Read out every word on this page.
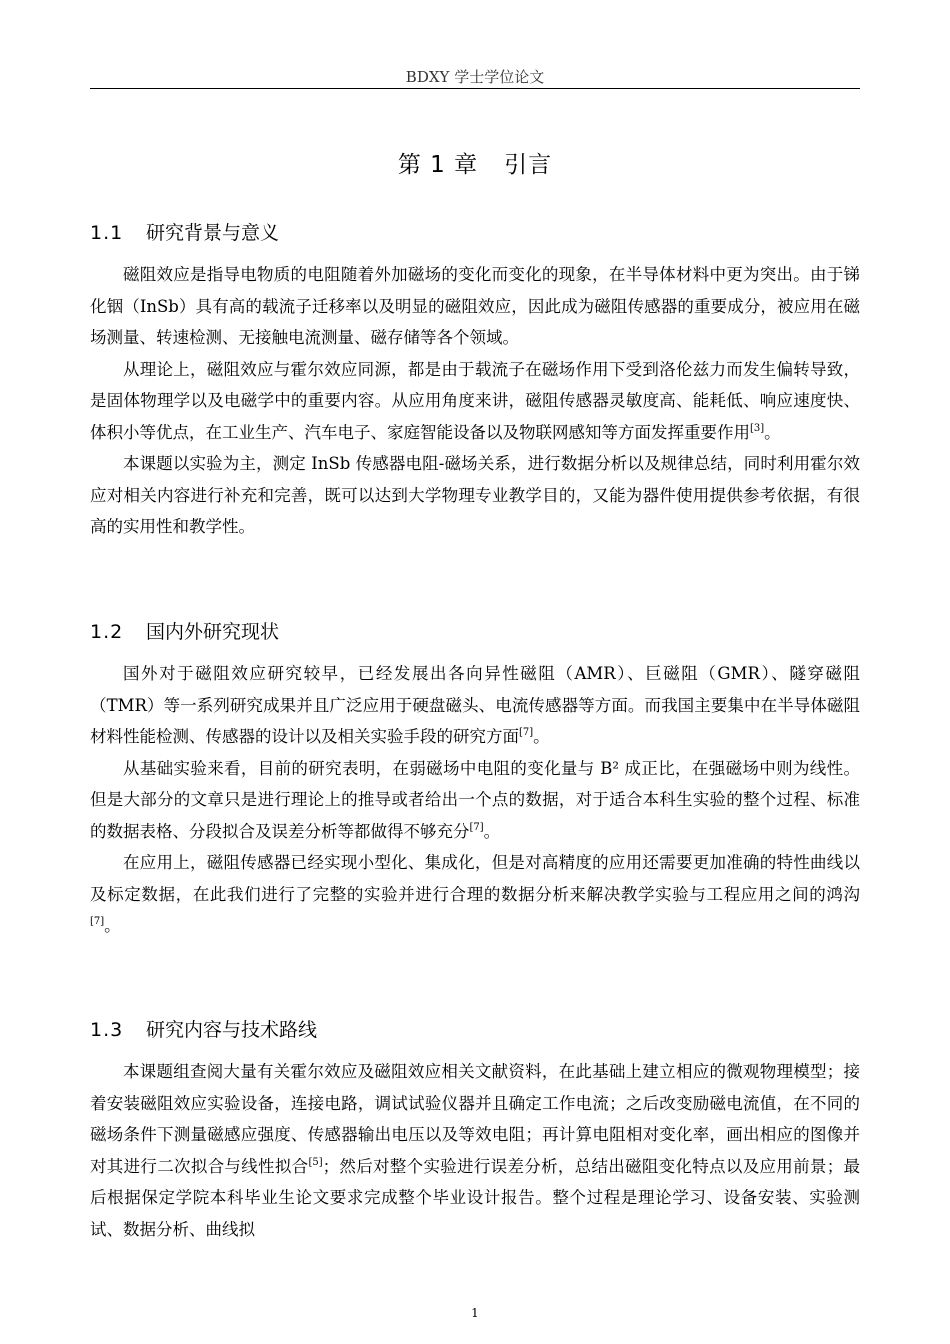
BDXY 学士学位论文
第 1 章 引言
1.1 研究背景与意义

磁阻效应是指导电物质的电阻随着外加磁场的变化而变化的现象，在半导体材料中更为突出。由于锑化铟（InSb）具有高的载流子迁移率以及明显的磁阻效应，因此成为磁阻传感器的重要成分，被应用在磁场测量、转速检测、无接触电流测量、磁存储等各个领域。

从理论上，磁阻效应与霍尔效应同源，都是由于载流子在磁场作用下受到洛伦兹力而发生偏转导致，是固体物理学以及电磁学中的重要内容。从应用角度来讲，磁阻传感器灵敏度高、能耗低、响应速度快、体积小等优点，在工业生产、汽车电子、家庭智能设备以及物联网感知等方面发挥重要作用[3]。

本课题以实验为主，测定 InSb 传感器电阻-磁场关系，进行数据分析以及规律总结，同时利用霍尔效应对相关内容进行补充和完善，既可以达到大学物理专业教学目的，又能为器件使用提供参考依据，有很高的实用性和教学性。

1.2 国内外研究现状

国外对于磁阻效应研究较早，已经发展出各向异性磁阻（AMR）、巨磁阻（GMR）、隧穿磁阻（TMR）等一系列研究成果并且广泛应用于硬盘磁头、电流传感器等方面。而我国主要集中在半导体磁阻材料性能检测、传感器的设计以及相关实验手段的研究方面[7]。

从基础实验来看，目前的研究表明，在弱磁场中电阻的变化量与 B² 成正比，在强磁场中则为线性。但是大部分的文章只是进行理论上的推导或者给出一个点的数据，对于适合本科生实验的整个过程、标准的数据表格、分段拟合及误差分析等都做得不够充分[7]。

在应用上，磁阻传感器已经实现小型化、集成化，但是对高精度的应用还需要更加准确的特性曲线以及标定数据，在此我们进行了完整的实验并进行合理的数据分析来解决教学实验与工程应用之间的鸿沟[7]。

1.3 研究内容与技术路线

本课题组查阅大量有关霍尔效应及磁阻效应相关文献资料，在此基础上建立相应的微观物理模型；接着安装磁阻效应实验设备，连接电路，调试试验仪器并且确定工作电流；之后改变励磁电流值，在不同的磁场条件下测量磁感应强度、传感器输出电压以及等效电阻；再计算电阻相对变化率，画出相应的图像并对其进行二次拟合与线性拟合[5]；然后对整个实验进行误差分析，总结出磁阻变化特点以及应用前景；最后根据保定学院本科毕业生论文要求完成整个毕业设计报告。整个过程是理论学习、设备安装、实验测试、数据分析、曲线拟

1
